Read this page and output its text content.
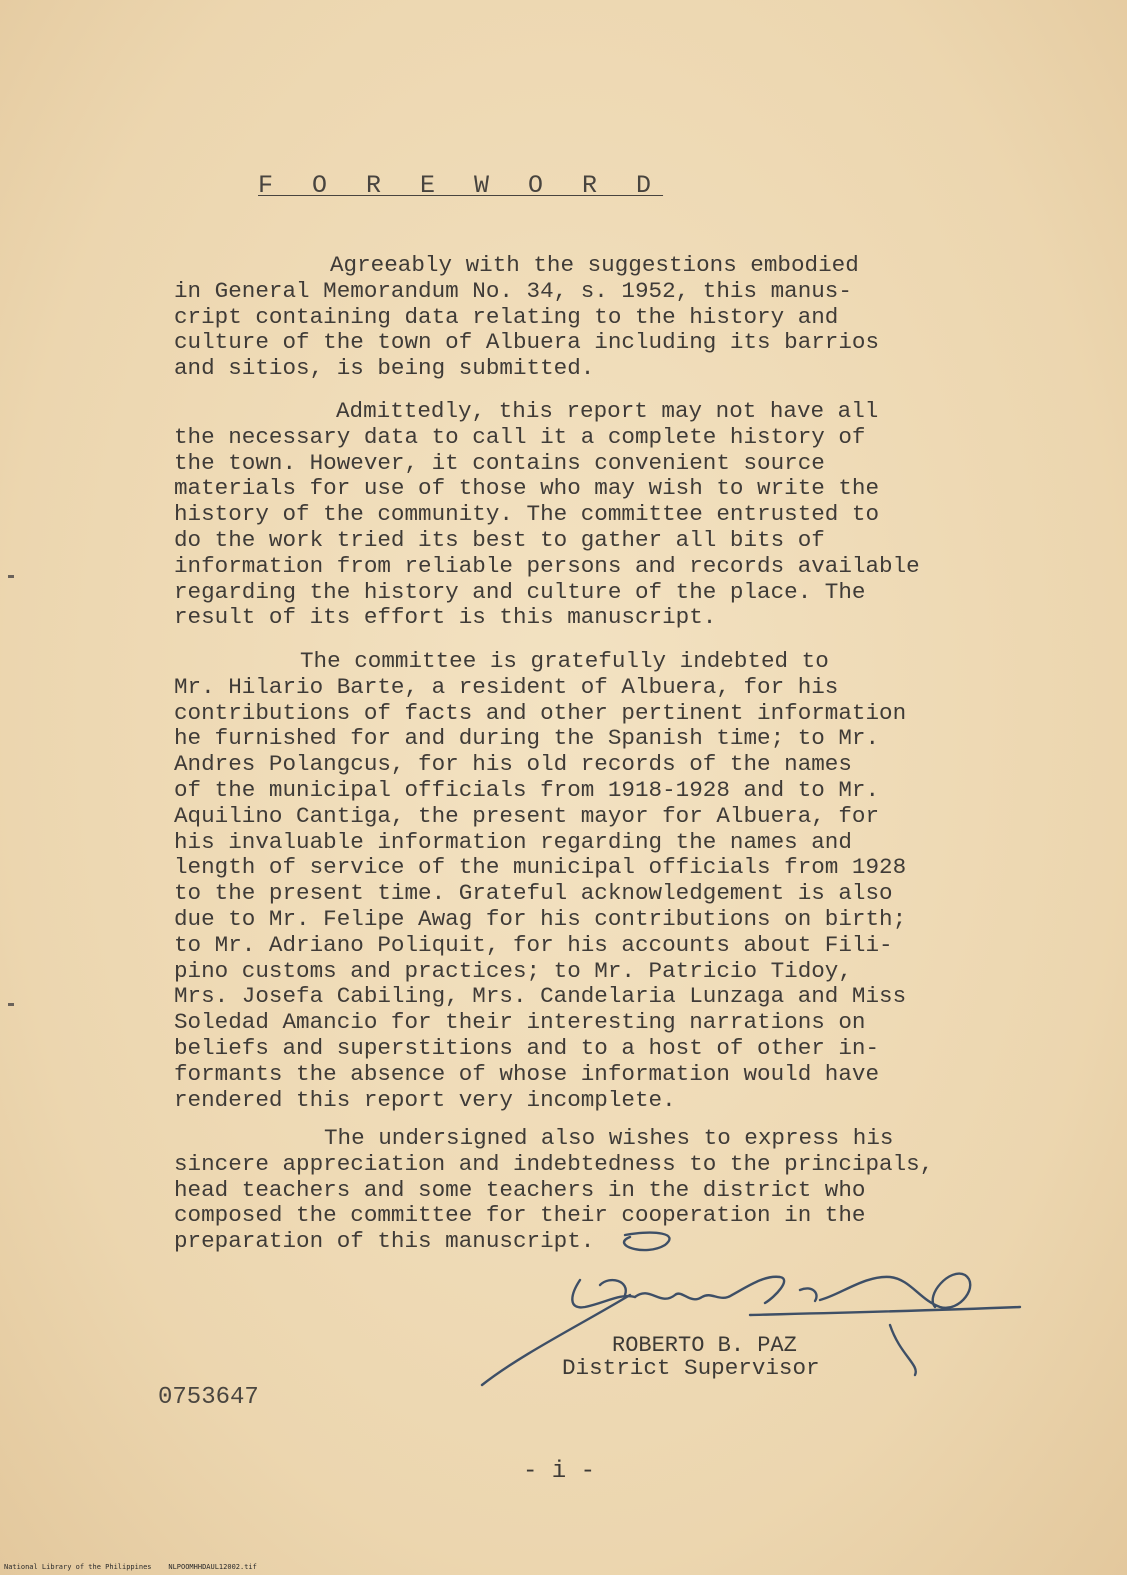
F O R E W O R D
Agreeably with the suggestions embodied
in General Memorandum No. 34, s. 1952, this manus-
cript containing data relating to the history and
culture of the town of Albuera including its barrios
and sitios, is being submitted.
Admittedly, this report may not have all
the necessary data to call it a complete history of
the town. However, it contains convenient source
materials for use of those who may wish to write the
history of the community. The committee entrusted to
do the work tried its best to gather all bits of
information from reliable persons and records available
regarding the history and culture of the place. The
result of its effort is this manuscript.
The committee is gratefully indebted to
Mr. Hilario Barte, a resident of Albuera, for his
contributions of facts and other pertinent information
he furnished for and during the Spanish time; to Mr.
Andres Polangcus, for his old records of the names
of the municipal officials from 1918-1928 and to Mr.
Aquilino Cantiga, the present mayor for Albuera, for
his invaluable information regarding the names and
length of service of the municipal officials from 1928
to the present time. Grateful acknowledgement is also
due to Mr. Felipe Awag for his contributions on birth;
to Mr. Adriano Poliquit, for his accounts about Fili-
pino customs and practices; to Mr. Patricio Tidoy,
Mrs. Josefa Cabiling, Mrs. Candelaria Lunzaga and Miss
Soledad Amancio for their interesting narrations on
beliefs and superstitions and to a host of other in-
formants the absence of whose information would have
rendered this report very incomplete.
The undersigned also wishes to express his
sincere appreciation and indebtedness to the principals,
head teachers and some teachers in the district who
composed the committee for their cooperation in the
preparation of this manuscript.
ROBERTO B. PAZ
District Supervisor
0753647
- i -
National Library of the Philippines    NLPOOMHHDAUL12002.tif
